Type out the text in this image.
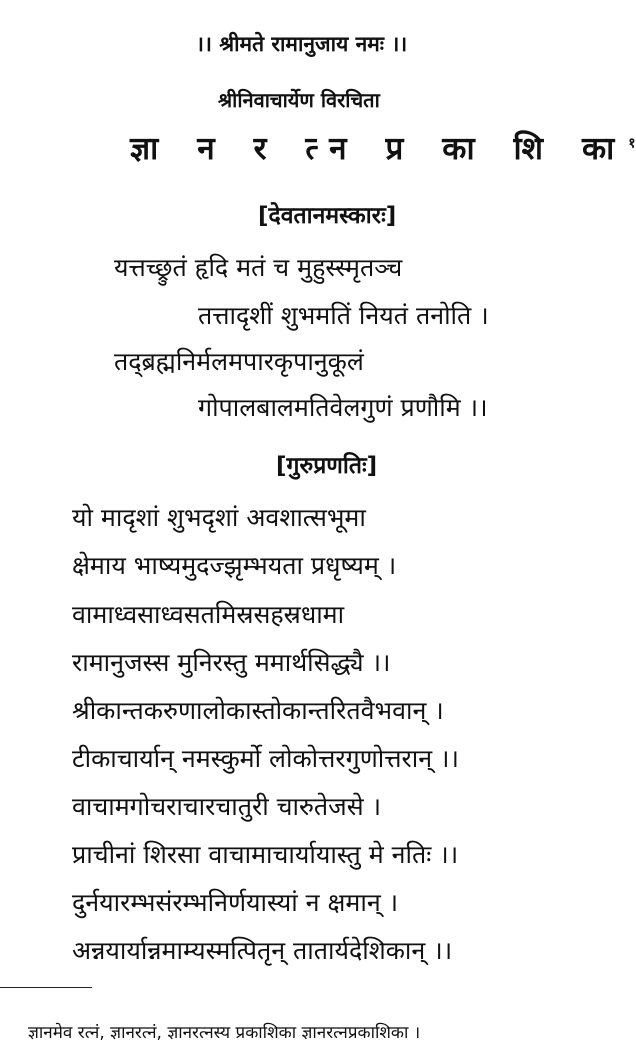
।। श्रीमते रामानुजाय नमः ।।
श्रीनिवाचार्येण विरचिता
ज्ञा न र त्न प्र का शि का$^१$
[देवतानमस्कारः]
यत्तच्छ्रुतं हृदि मतं च मुहुस्स्मृतञ्च
तत्तादृशीं शुभमतिं नियतं तनोति ।
तद्ब्रह्मनिर्मलमपारकृपानुकूलं
गोपालबालमतिवेलगुणं प्रणौमि ।।
[गुरुप्रणतिः]
यो मादृशां शुभदृशां अवशात्सभूमा
क्षेमाय भाष्यमुदज्झृम्भयता प्रधृष्यम् ।
वामाध्वसाध्वसतमिस्रसहस्रधामा
रामानुजस्स मुनिरस्तु ममार्थसिद्ध्यै ।।
श्रीकान्तकरुणालोकास्तोकान्तरितवैभवान् ।
टीकाचार्यान् नमस्कुर्मो लोकोत्तरगुणोत्तरान् ।।
वाचामगोचराचारचातुरी चारुतेजसे ।
प्राचीनां शिरसा वाचामाचार्यायास्तु मे नतिः ।।
दुर्नयारम्भसंरम्भनिर्णयास्यां न क्षमान् ।
अन्नयार्यान्नमाम्यस्मत्पितृन् तातार्यदेशिकान् ।।
ज्ञानमेव रत्नं, ज्ञानरत्नं, ज्ञानरत्नस्य प्रकाशिका ज्ञानरत्नप्रकाशिका ।
